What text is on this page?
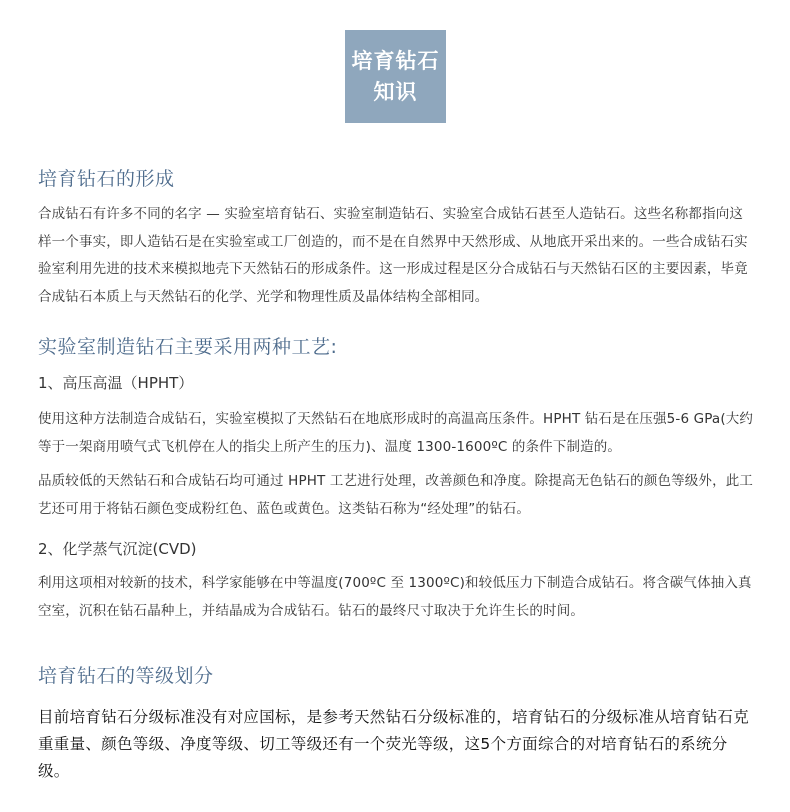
培育钻石
知识
培育钻石的形成

合成钻石有许多不同的名字 — 实验室培育钻石、实验室制造钻石、实验室合成钻石甚至人造钻石。这些名称都指向这样一个事实，即人造钻石是在实验室或工厂创造的，而不是在自然界中天然形成、从地底开采出来的。一些合成钻石实验室利用先进的技术来模拟地壳下天然钻石的形成条件。这一形成过程是区分合成钻石与天然钻石区的主要因素，毕竟合成钻石本质上与天然钻石的化学、光学和物理性质及晶体结构全部相同。

实验室制造钻石主要采用两种工艺:
1、高压高温（HPHT）

使用这种方法制造合成钻石，实验室模拟了天然钻石在地底形成时的高温高压条件。HPHT 钻石是在压强5-6 GPa(大约等于一架商用喷气式飞机停在人的指尖上所产生的压力)、温度 1300-1600ºC 的条件下制造的。

品质较低的天然钻石和合成钻石均可通过 HPHT 工艺进行处理，改善颜色和净度。除提高无色钻石的颜色等级外，此工艺还可用于将钻石颜色变成粉红色、蓝色或黄色。这类钻石称为“经处理”的钻石。

2、化学蒸气沉淀(CVD)

利用这项相对较新的技术，科学家能够在中等温度(700ºC 至 1300ºC)和较低压力下制造合成钻石。将含碳气体抽入真空室，沉积在钻石晶种上，并结晶成为合成钻石。钻石的最终尺寸取决于允许生长的时间。

培育钻石的等级划分

目前培育钻石分级标准没有对应国标，是参考天然钻石分级标准的，培育钻石的分级标准从培育钻石克重重量、颜色等级、净度等级、切工等级还有一个荧光等级，这5个方面综合的对培育钻石的系统分级。
